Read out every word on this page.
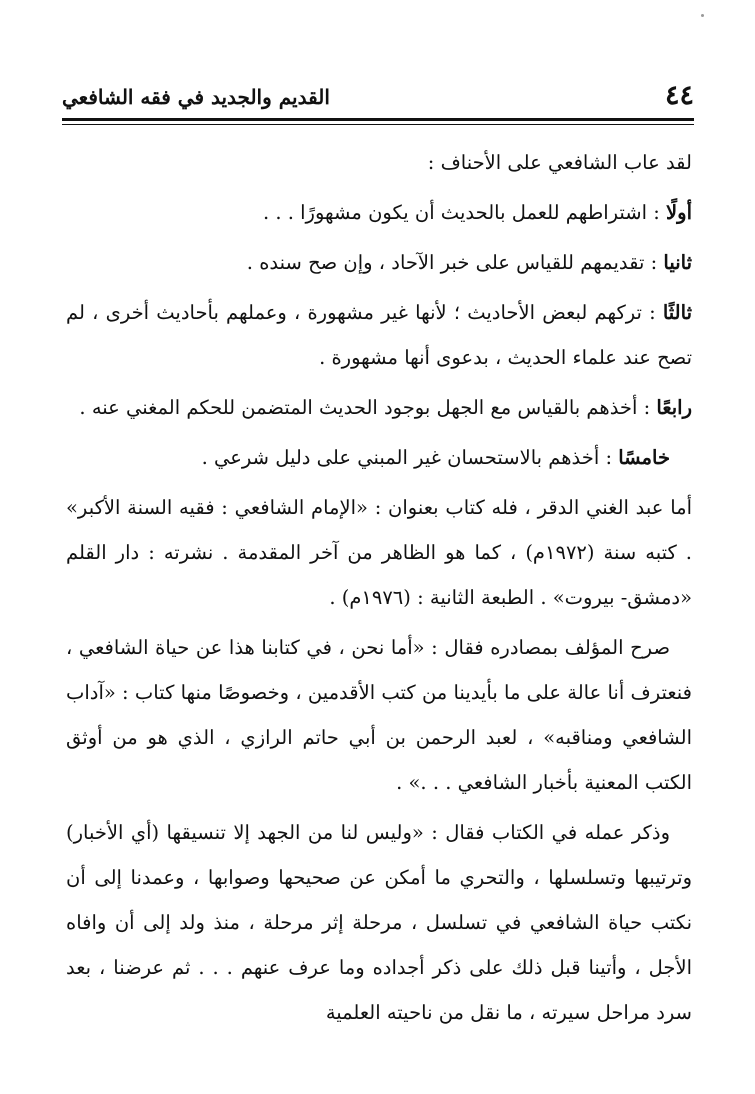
٤٤
القديم والجديد في فقه الشافعي

لقد عاب الشافعي على الأحناف :

أولًا : اشتراطهم للعمل بالحديث أن يكون مشهورًا . . .

ثانيا : تقديمهم للقياس على خبر الآحاد ، وإن صح سنده .

ثالثًا : تركهم لبعض الأحاديث ؛ لأنها غير مشهورة ، وعملهم بأحاديث أخرى ، لم تصح عند علماء الحديث ، بدعوى أنها مشهورة .

رابعًا : أخذهم بالقياس مع الجهل بوجود الحديث المتضمن للحكم المغني عنه .

خامسًا : أخذهم بالاستحسان غير المبني على دليل شرعي .

أما عبد الغني الدقر ، فله كتاب بعنوان : «الإمام الشافعي : فقيه السنة الأكبر» . كتبه سنة (١٩٧٢م) ، كما هو الظاهر من آخر المقدمة . نشرته : دار القلم «دمشق- بيروت» . الطبعة الثانية : (١٩٧٦م) .

صرح المؤلف بمصادره فقال : «أما نحن ، في كتابنا هذا عن حياة الشافعي ، فنعترف أنا عالة على ما بأيدينا من كتب الأقدمين ، وخصوصًا منها كتاب : «آداب الشافعي ومناقبه» ، لعبد الرحمن بن أبي حاتم الرازي ، الذي هو من أوثق الكتب المعنية بأخبار الشافعي . . .» .

وذكر عمله في الكتاب فقال : «وليس لنا من الجهد إلا تنسيقها (أي الأخبار) وترتيبها وتسلسلها ، والتحري ما أمكن عن صحيحها وصوابها ، وعمدنا إلى أن نكتب حياة الشافعي في تسلسل ، مرحلة إثر مرحلة ، منذ ولد إلى أن وافاه الأجل ، وأتينا قبل ذلك على ذكر أجداده وما عرف عنهم . . . ثم عرضنا ، بعد سرد مراحل سيرته ، ما نقل من ناحيته العلمية
